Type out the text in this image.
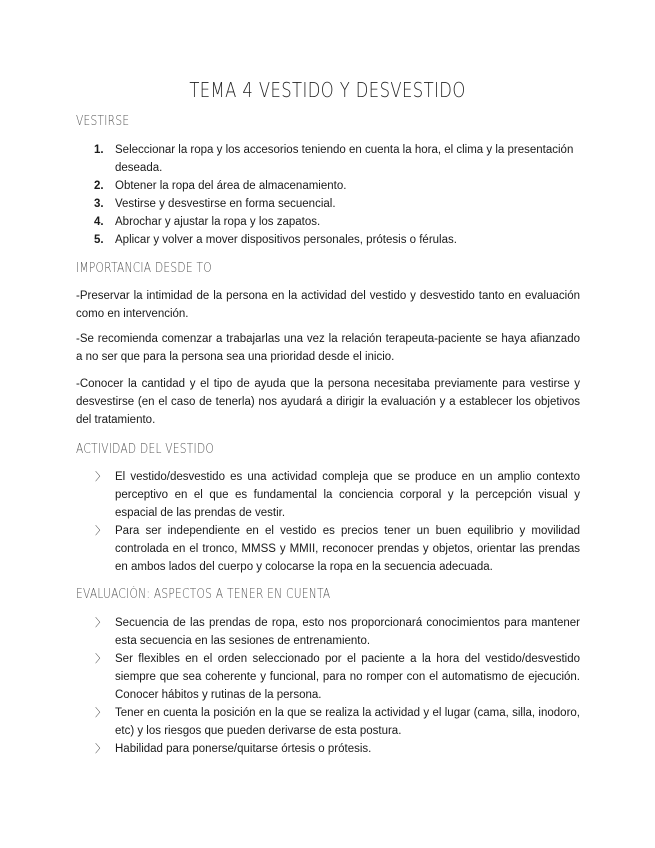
TEMA 4 VESTIDO Y DESVESTIDO
VESTIRSE
1. Seleccionar la ropa y los accesorios teniendo en cuenta la hora, el clima y la presentación deseada.
2. Obtener la ropa del área de almacenamiento.
3. Vestirse y desvestirse en forma secuencial.
4. Abrochar y ajustar la ropa y los zapatos.
5. Aplicar y volver a mover dispositivos personales, prótesis o férulas.
IMPORTANCIA DESDE TO

-Preservar la intimidad de la persona en la actividad del vestido y desvestido tanto en evaluación como en intervención.

-Se recomienda comenzar a trabajarlas una vez la relación terapeuta-paciente se haya afianzado a no ser que para la persona sea una prioridad desde el inicio.

-Conocer la cantidad y el tipo de ayuda que la persona necesitaba previamente para vestirse y desvestirse (en el caso de tenerla) nos ayudará a dirigir la evaluación y a establecer los objetivos del tratamiento.

ACTIVIDAD DEL VESTIDO
〉 El vestido/desvestido es una actividad compleja que se produce en un amplio contexto perceptivo en el que es fundamental la conciencia corporal y la percepción visual y espacial de las prendas de vestir.
〉 Para ser independiente en el vestido es precios tener un buen equilibrio y movilidad controlada en el tronco, MMSS y MMII, reconocer prendas y objetos, orientar las prendas en ambos lados del cuerpo y colocarse la ropa en la secuencia adecuada.
EVALUACIÓN: ASPECTOS A TENER EN CUENTA
〉 Secuencia de las prendas de ropa, esto nos proporcionará conocimientos para mantener esta secuencia en las sesiones de entrenamiento.
〉 Ser flexibles en el orden seleccionado por el paciente a la hora del vestido/desvestido siempre que sea coherente y funcional, para no romper con el automatismo de ejecución. Conocer hábitos y rutinas de la persona.
〉 Tener en cuenta la posición en la que se realiza la actividad y el lugar (cama, silla, inodoro, etc) y los riesgos que pueden derivarse de esta postura.
〉 Habilidad para ponerse/quitarse órtesis o prótesis.
